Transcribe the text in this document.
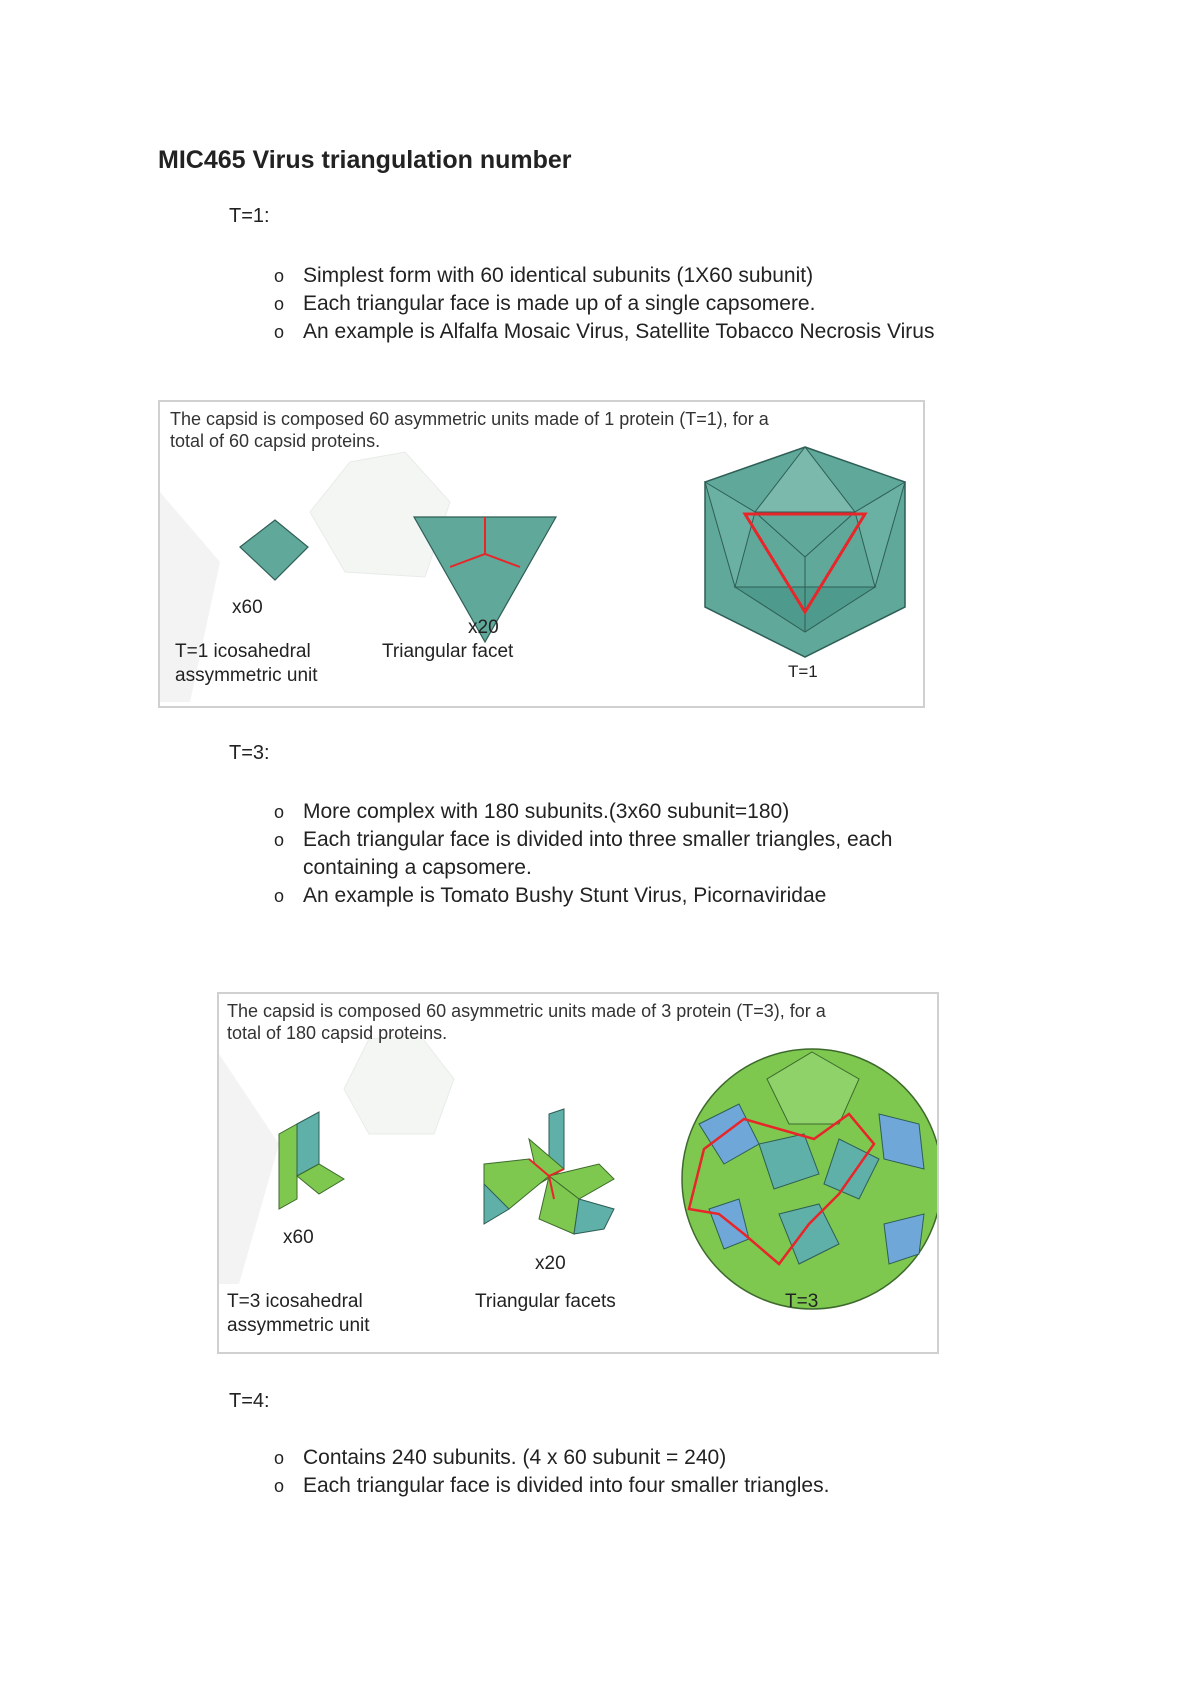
MIC465 Virus triangulation number
T=1:
o Simplest form with 60 identical subunits (1X60 subunit)
o Each triangular face is made up of a single capsomere.
o An example is Alfalfa Mosaic Virus, Satellite Tobacco Necrosis Virus
The capsid is composed 60 asymmetric units made of 1 protein (T=1), for a
total of 60 capsid proteins.
x60
T=1 icosahedral
assymmetric unit
x20
Triangular facet
T=1
T=3:
o More complex with 180 subunits.(3x60 subunit=180)
o Each triangular face is divided into three smaller triangles, each containing a capsomere.
o An example is Tomato Bushy Stunt Virus, Picornaviridae
The capsid is composed 60 asymmetric units made of 3 protein (T=3), for a
total of 180 capsid proteins.
x60
T=3 icosahedral
assymmetric unit
x20
Triangular facets	T=3
T=4:
o Contains 240 subunits. (4 x 60 subunit = 240)
o Each triangular face is divided into four smaller triangles.
